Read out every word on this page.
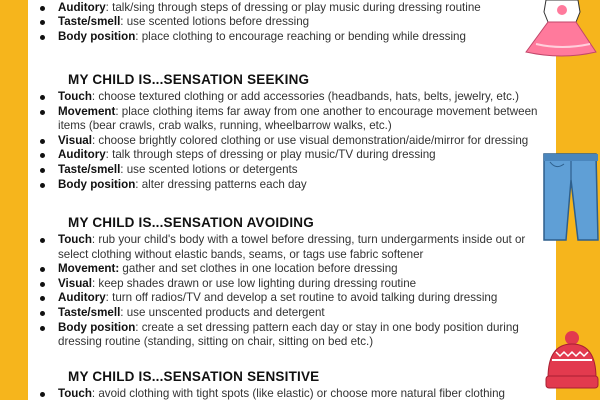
Auditory: talk/sing through steps of dressing or play music during dressing routine
Taste/smell: use scented lotions before dressing
Body position: place clothing to encourage reaching or bending while dressing
MY CHILD IS...SENSATION SEEKING
Touch: choose textured clothing or add accessories (headbands, hats, belts, jewelry, etc.)
Movement: place clothing items far away from one another to encourage movement between items (bear crawls, crab walks, running, wheelbarrow walks, etc.)
Visual: choose brightly colored clothing or use visual demonstration/aide/mirror for dressing
Auditory: talk through steps of dressing or play music/TV during dressing
Taste/smell: use scented lotions or detergents
Body position: alter dressing patterns each day
MY CHILD IS...SENSATION AVOIDING
Touch: rub your child's body with a towel before dressing, turn undergarments inside out or select clothing without elastic bands, seams, or tags use fabric softener
Movement: gather and set clothes in one location before dressing
Visual: keep shades drawn or use low lighting during dressing routine
Auditory: turn off radios/TV and develop a set routine to avoid talking during dressing
Taste/smell: use unscented products and detergent
Body position: create a set dressing pattern each day or stay in one body position during dressing routine (standing, sitting on chair, sitting on bed etc.)
MY CHILD IS...SENSATION SENSITIVE
Touch: avoid clothing with tight spots (like elastic) or choose more natural fiber clothing
